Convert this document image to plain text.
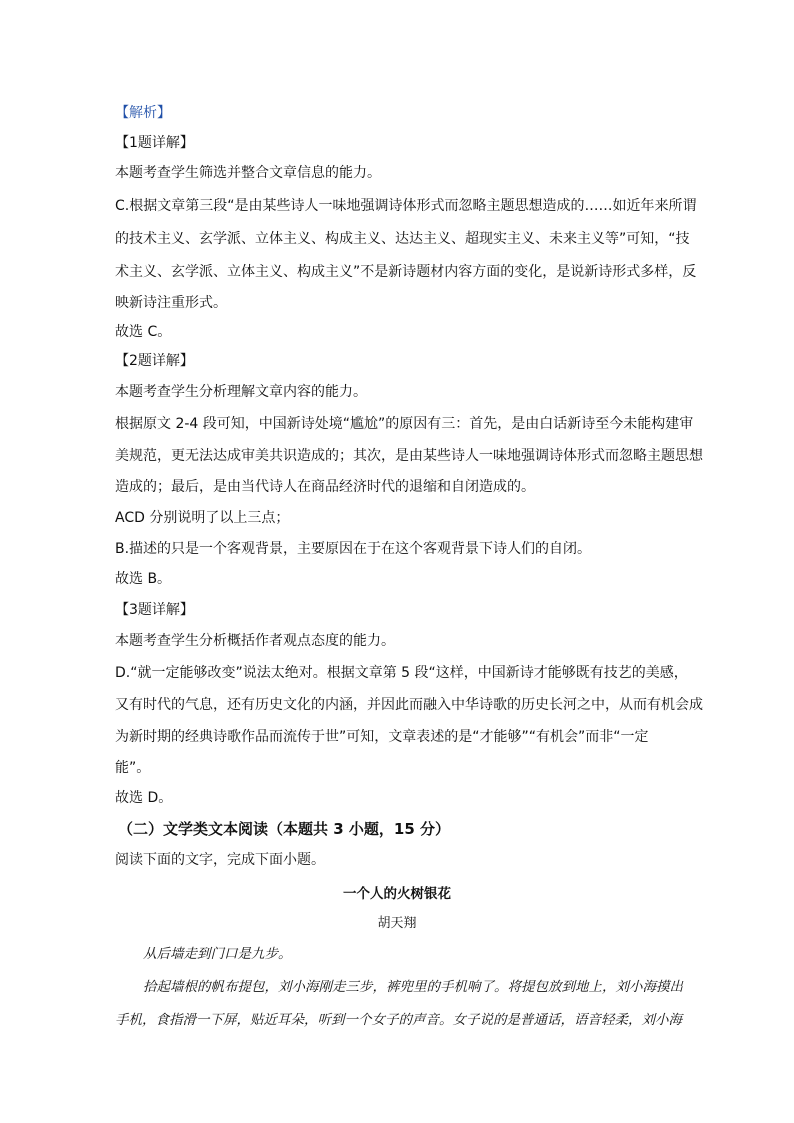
【解析】
【1题详解】
本题考查学生筛选并整合文章信息的能力。
C.根据文章第三段“是由某些诗人一味地强调诗体形式而忽略主题思想造成的……如近年来所谓
的技术主义、玄学派、立体主义、构成主义、达达主义、超现实主义、未来主义等”可知，“技
术主义、玄学派、立体主义、构成主义”不是新诗题材内容方面的变化，是说新诗形式多样，反
映新诗注重形式。
故选 C。
【2题详解】
本题考查学生分析理解文章内容的能力。
根据原文 2-4 段可知，中国新诗处境“尴尬”的原因有三：首先，是由白话新诗至今未能构建审
美规范，更无法达成审美共识造成的；其次，是由某些诗人一味地强调诗体形式而忽略主题思想
造成的；最后，是由当代诗人在商品经济时代的退缩和自闭造成的。
ACD 分别说明了以上三点；
B.描述的只是一个客观背景，主要原因在于在这个客观背景下诗人们的自闭。
故选 B。
【3题详解】
本题考查学生分析概括作者观点态度的能力。
D.“就一定能够改变”说法太绝对。根据文章第 5 段“这样，中国新诗才能够既有技艺的美感，
又有时代的气息，还有历史文化的内涵，并因此而融入中华诗歌的历史长河之中，从而有机会成
为新时期的经典诗歌作品而流传于世”可知，文章表述的是“才能够”“有机会”而非“一定
能”。
故选 D。
（二）文学类文本阅读（本题共 3 小题，15 分）
阅读下面的文字，完成下面小题。
一个人的火树银花
胡天翔
从后墙走到门口是九步。
拾起墙根的帆布提包，刘小海刚走三步，裤兜里的手机响了。将提包放到地上，刘小海摸出
手机，食指滑一下屏，贴近耳朵，听到一个女子的声音。女子说的是普通话，语音轻柔，刘小海
